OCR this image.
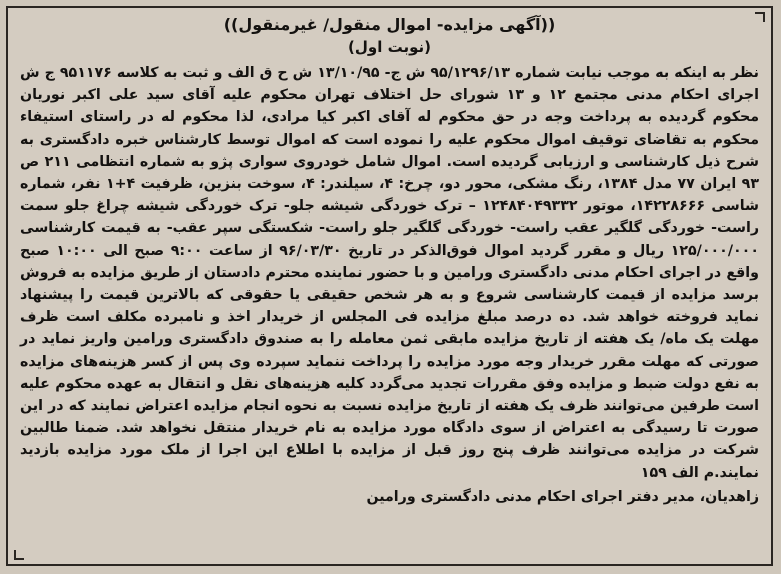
((آگهی مزایده- اموال منقول/ غیرمنقول))

(نوبت اول)

نظر به اینکه به موجب نیابت شماره ۹۵/۱۲۹۶/۱۳ ش ج- ۱۳/۱۰/۹۵ ش ح ق الف و ثبت به کلاسه ۹۵۱۱۷۶ ج ش اجرای احکام مدنی مجتمع ۱۲ و ۱۳ شورای حل اختلاف تهران محکوم علیه آقای سید علی اکبر نوریان محکوم گردیده به پرداخت وجه در حق محکوم له آقای اکبر کیا مرادی، لذا محکوم له در راستای استیفاء محکوم به تقاضای توقیف اموال محکوم علیه را نموده است که اموال توسط کارشناس خبره دادگستری به شرح ذیل کارشناسی و ارزیابی گردیده است. اموال شامل خودروی سواری پژو به شماره انتظامی ۲۱۱ ص ۹۳ ایران ۷۷ مدل ۱۳۸۴، رنگ مشکی، محور دو، چرخ: ۴، سیلندر: ۴، سوخت بنزین، ظرفیت ۴+۱ نفر، شماره شاسی ۱۴۲۲۸۶۶۶، موتور ۱۲۴۸۴۰۴۹۳۳۲ – ترک خوردگی شیشه جلو- ترک خوردگی شیشه چراغ جلو سمت راست- خوردگی گلگیر عقب راست- خوردگی گلگیر جلو راست- شکستگی سپر عقب- به قیمت کارشناسی ۱۲۵/۰۰۰/۰۰۰ ریال و مقرر گردید اموال فوق‌الذکر در تاریخ ۹۶/۰۳/۳۰ از ساعت ۹:۰۰ صبح الی ۱۰:۰۰ صبح واقع در اجرای احکام مدنی دادگستری ورامین و با حضور نماینده محترم دادستان از طریق مزایده به فروش برسد مزایده از قیمت کارشناسی شروع و به هر شخص حقیقی یا حقوقی که بالاترین قیمت را پیشنهاد نماید فروخته خواهد شد. ده درصد مبلغ مزایده فی المجلس از خریدار اخذ و نامبرده مکلف است ظرف مهلت یک ماه/ یک هفته از تاریخ مزایده مابقی ثمن معامله را به صندوق دادگستری ورامین واریز نماید در صورتی که مهلت مقرر خریدار وجه مورد مزایده را پرداخت ننماید سپرده وی پس از کسر هزینه‌های مزایده به نفع دولت ضبط و مزایده وفق مقررات تجدید می‌گردد کلیه هزینه‌های نقل و انتقال به عهده محکوم علیه است طرفین می‌توانند ظرف یک هفته از تاریخ مزایده نسبت به نحوه انجام مزایده اعتراض نمایند که در این صورت تا رسیدگی به اعتراض از سوی دادگاه مورد مزایده به نام خریدار منتقل نخواهد شد. ضمنا طالبین شرکت در مزایده می‌توانند ظرف پنج روز قبل از مزایده با اطلاع این اجرا از ملک مورد مزایده بازدید نمایند.م الف ۱۵۹

زاهدیان، مدیر دفتر اجرای احکام مدنی دادگستری ورامین
